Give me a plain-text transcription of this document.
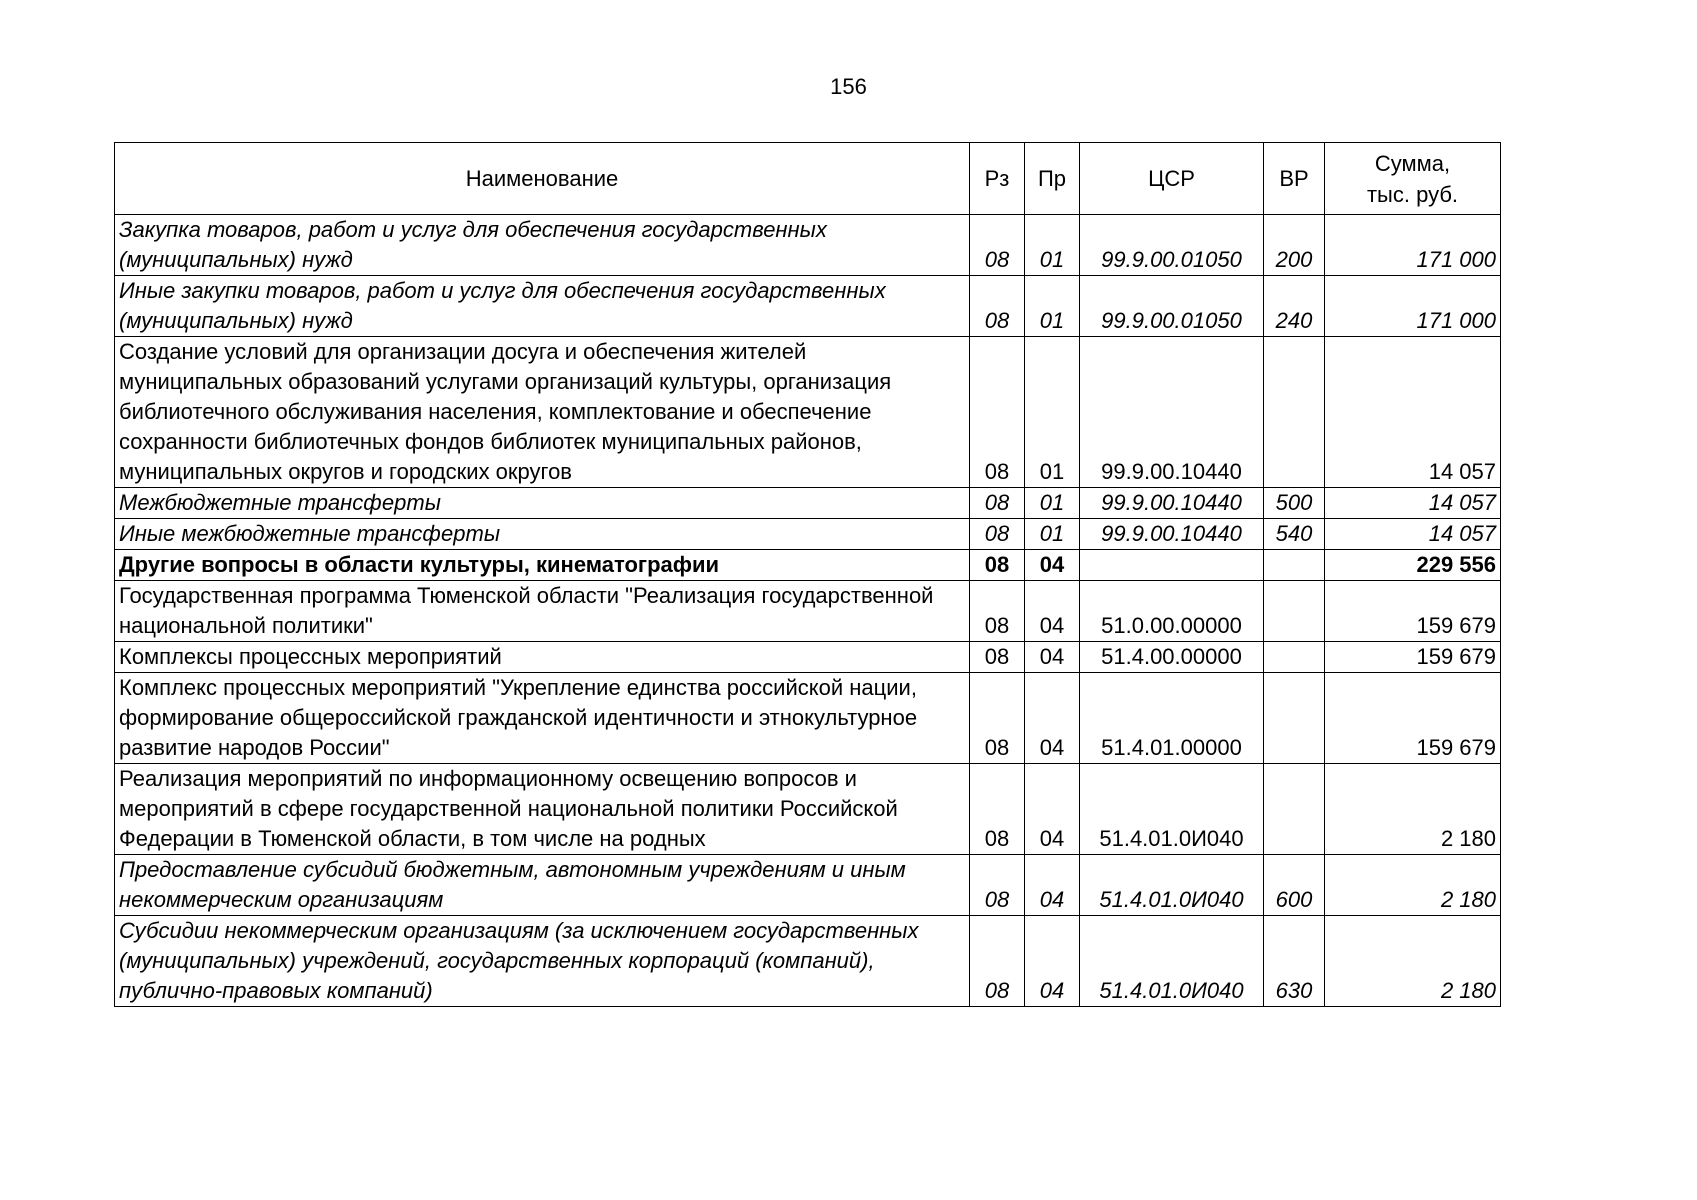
156
Наименование	Рз	Пр	ЦСР	ВР	Сумма,
тыс. руб.
Закупка товаров, работ и услуг для обеспечения государственных (муниципальных) нужд	08	01	99.9.00.01050	200	171 000
Иные закупки товаров, работ и услуг для обеспечения государственных (муниципальных) нужд	08	01	99.9.00.01050	240	171 000
Создание условий для организации досуга и обеспечения жителей муниципальных образований услугами организаций культуры, организация библиотечного обслуживания населения, комплектование и обеспечение сохранности библиотечных фондов библиотек муниципальных районов, муниципальных округов и городских округов	08	01	99.9.00.10440		14 057
Межбюджетные трансферты	08	01	99.9.00.10440	500	14 057
Иные межбюджетные трансферты	08	01	99.9.00.10440	540	14 057
Другие вопросы в области культуры, кинематографии	08	04			229 556
Государственная программа Тюменской области "Реализация государственной национальной политики"	08	04	51.0.00.00000		159 679
Комплексы процессных мероприятий	08	04	51.4.00.00000		159 679
Комплекс процессных мероприятий "Укрепление единства российской нации, формирование общероссийской гражданской идентичности и этнокультурное развитие народов России"	08	04	51.4.01.00000		159 679
Реализация мероприятий по информационному освещению вопросов и мероприятий в сфере государственной национальной политики Российской Федерации в Тюменской области, в том числе на родных	08	04	51.4.01.0И040		2 180
Предоставление субсидий бюджетным, автономным учреждениям и иным некоммерческим организациям	08	04	51.4.01.0И040	600	2 180
Субсидии некоммерческим организациям (за исключением государственных (муниципальных) учреждений, государственных корпораций (компаний), публично-правовых компаний)	08	04	51.4.01.0И040	630	2 180
